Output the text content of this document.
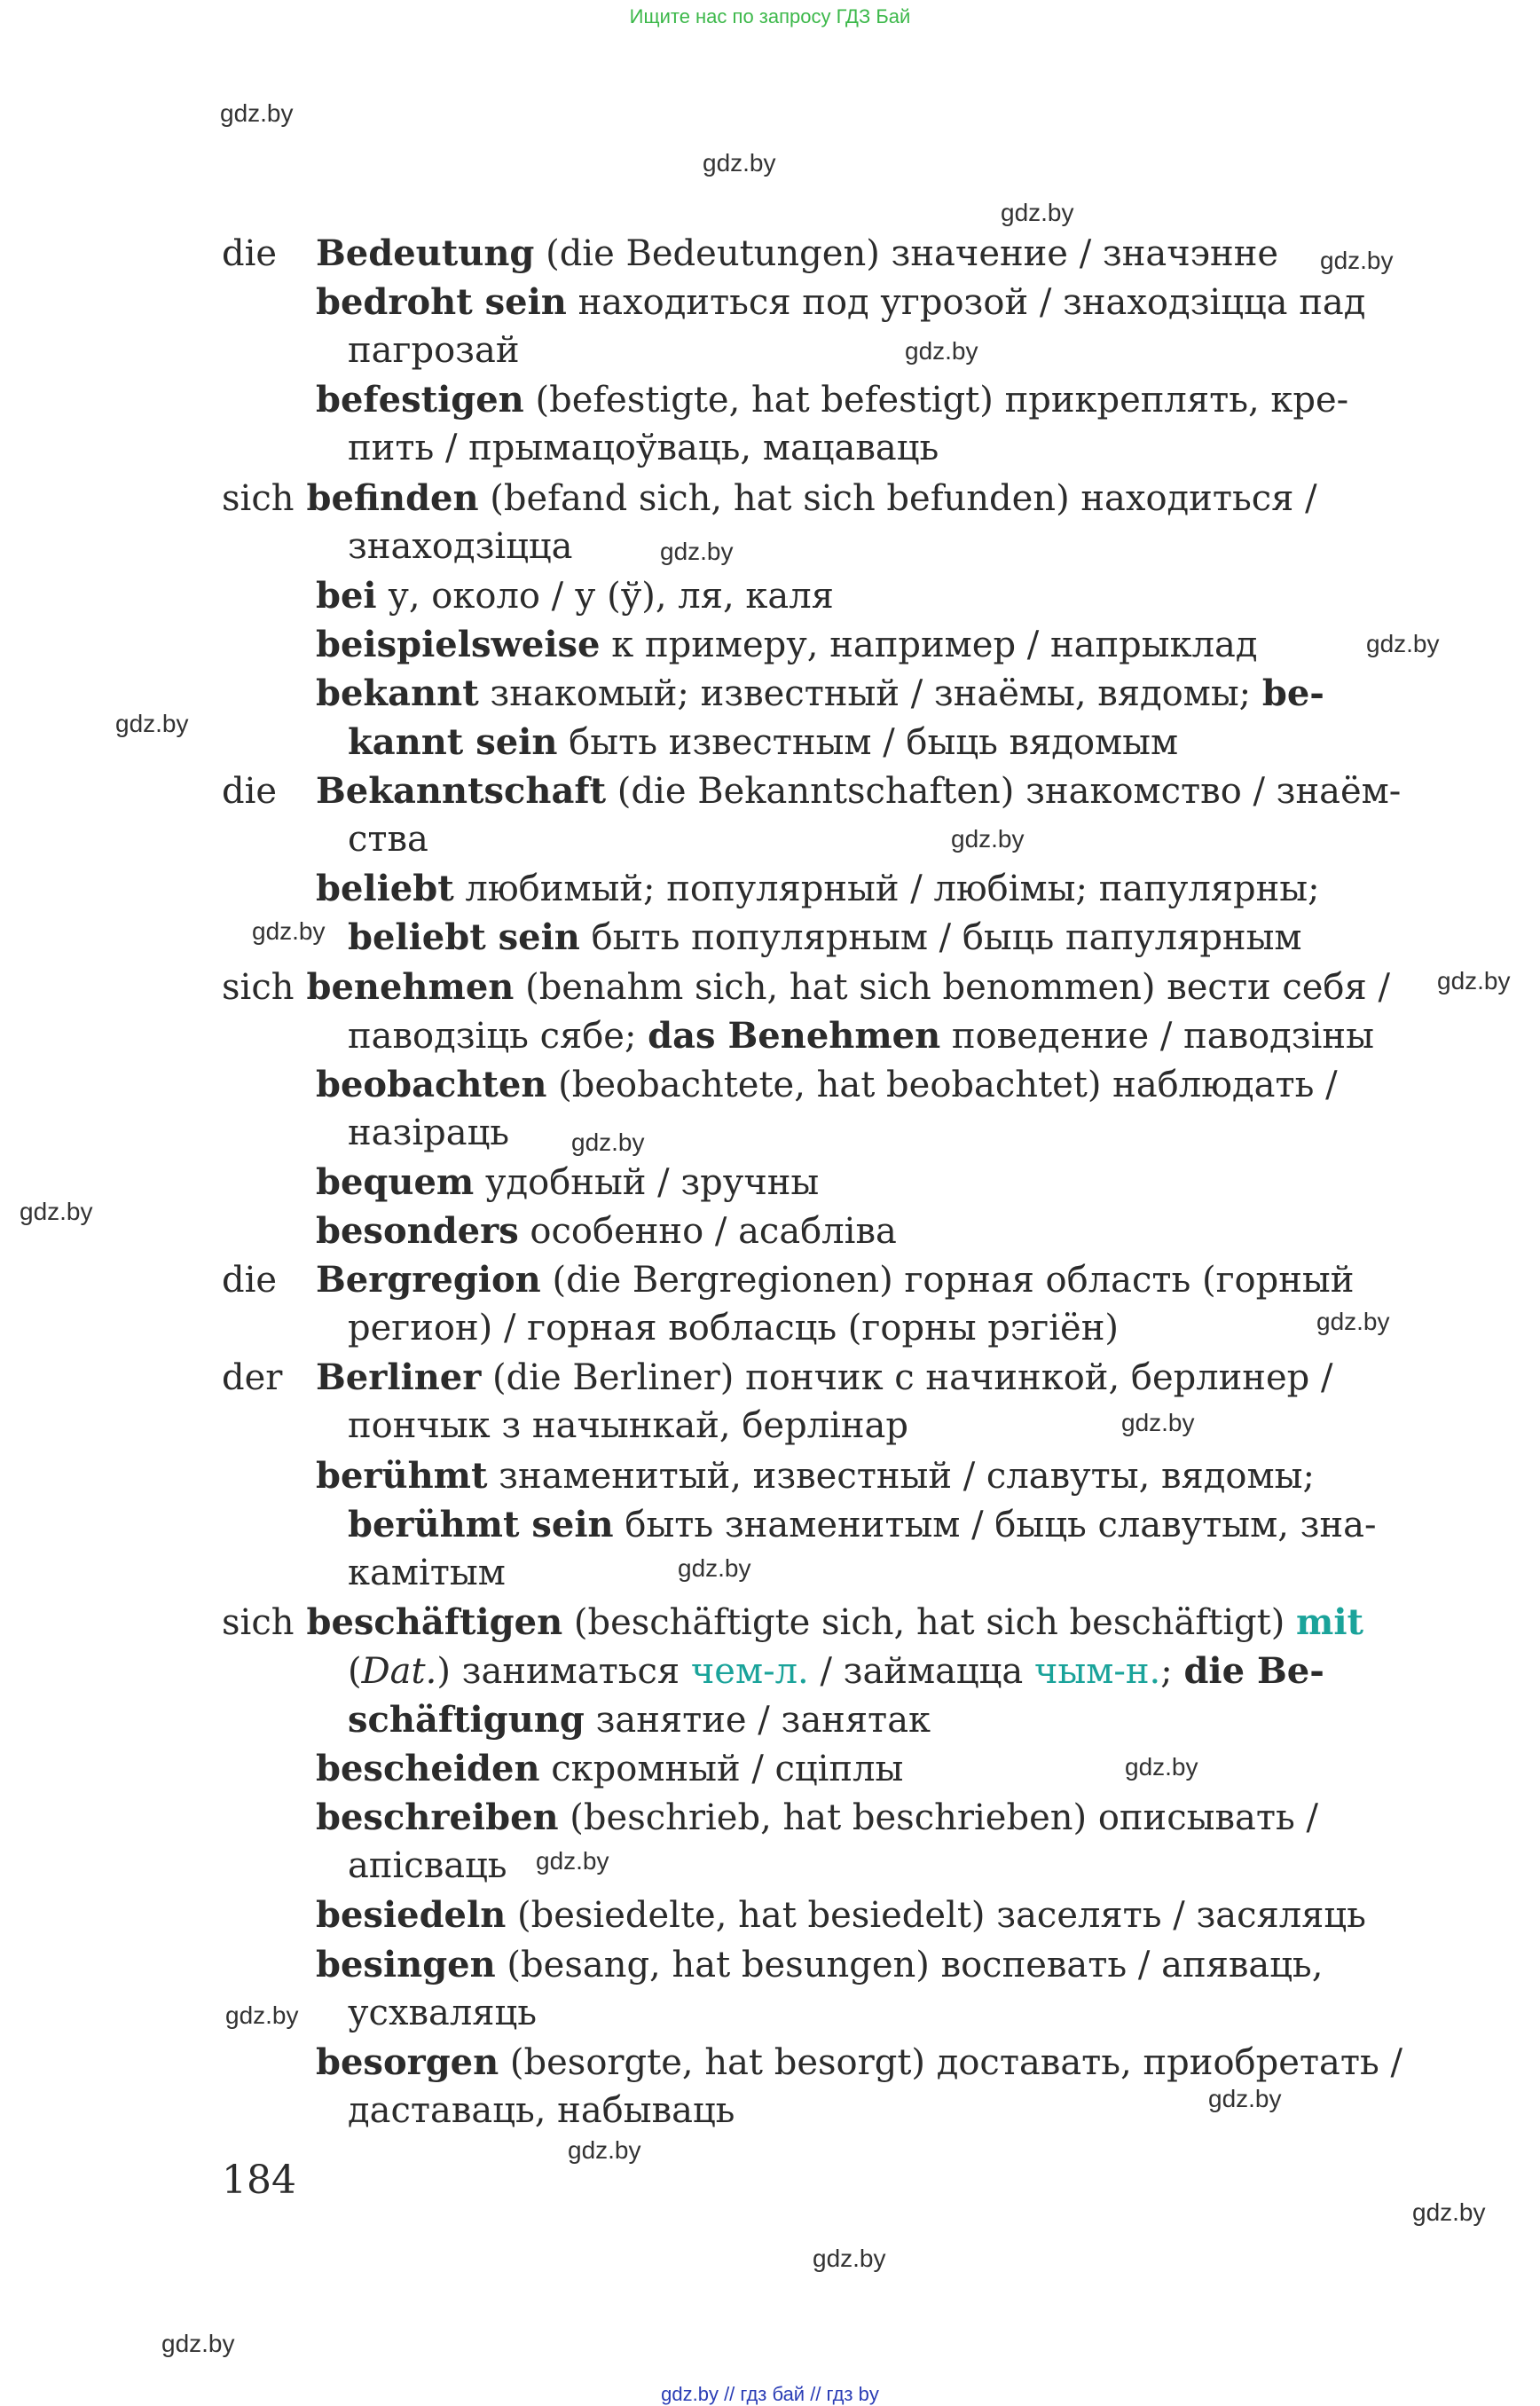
Ищите нас по запросу ГДЗ Бай
die Bedeutung (die Bedeutungen) значение / значэнне
bedroht sein находиться под угрозой / знаходзіцца пад
пагрозай
befestigen (befestigte, hat befestigt) прикреплять, кре-
пить / прымацоўваць, мацаваць
sich befinden (befand sich, hat sich befunden) находиться /
знаходзіцца
bei у, около / у (ў), ля, каля
beispielsweise к примеру, например / напрыклад
bekannt знакомый; известный / знаёмы, вядомы; be-
kannt sein быть известным / быць вядомым
die Bekanntschaft (die Bekanntschaften) знакомство / знаём-
ства
beliebt любимый; популярный / любімы; папулярны;
beliebt sein быть популярным / быць папулярным
sich benehmen (benahm sich, hat sich benommen) вести себя /
паводзіць сябе; das Benehmen поведение / паводзіны
beobachten (beobachtete, hat beobachtet) наблюдать /
назіраць
bequem удобный / зручны
besonders особенно / асабліва
die Bergregion (die Bergregionen) горная область (горный
регион) / горная вобласць (горны рэгіён)
der Berliner (die Berliner) пончик с начинкой, берлинер /
пончык з начынкай, берлінар
berühmt знаменитый, известный / славуты, вядомы;
berühmt sein быть знаменитым / быць славутым, зна-
камітым
sich beschäftigen (beschäftigte sich, hat sich beschäftigt) mit
(Dat.) заниматься чем-л. / займацца чым-н.; die Be-
schäftigung занятие / занятак
bescheiden скромный / сціплы
beschreiben (beschrieb, hat beschrieben) описывать /
апісваць
besiedeln (besiedelte, hat besiedelt) заселять / засяляць
besingen (besang, hat besungen) воспевать / апяваць,
усхваляць
besorgen (besorgte, hat besorgt) доставать, приобретать /
даставаць, набываць
184
gdz.by // гдз бай // гдз by
gdz.by
gdz.by
gdz.by
gdz.by
gdz.by
gdz.by
gdz.by
gdz.by
gdz.by
gdz.by
gdz.by
gdz.by
gdz.by
gdz.by
gdz.by
gdz.by
gdz.by
gdz.by
gdz.by
gdz.by
gdz.by
gdz.by
gdz.by
gdz.by
